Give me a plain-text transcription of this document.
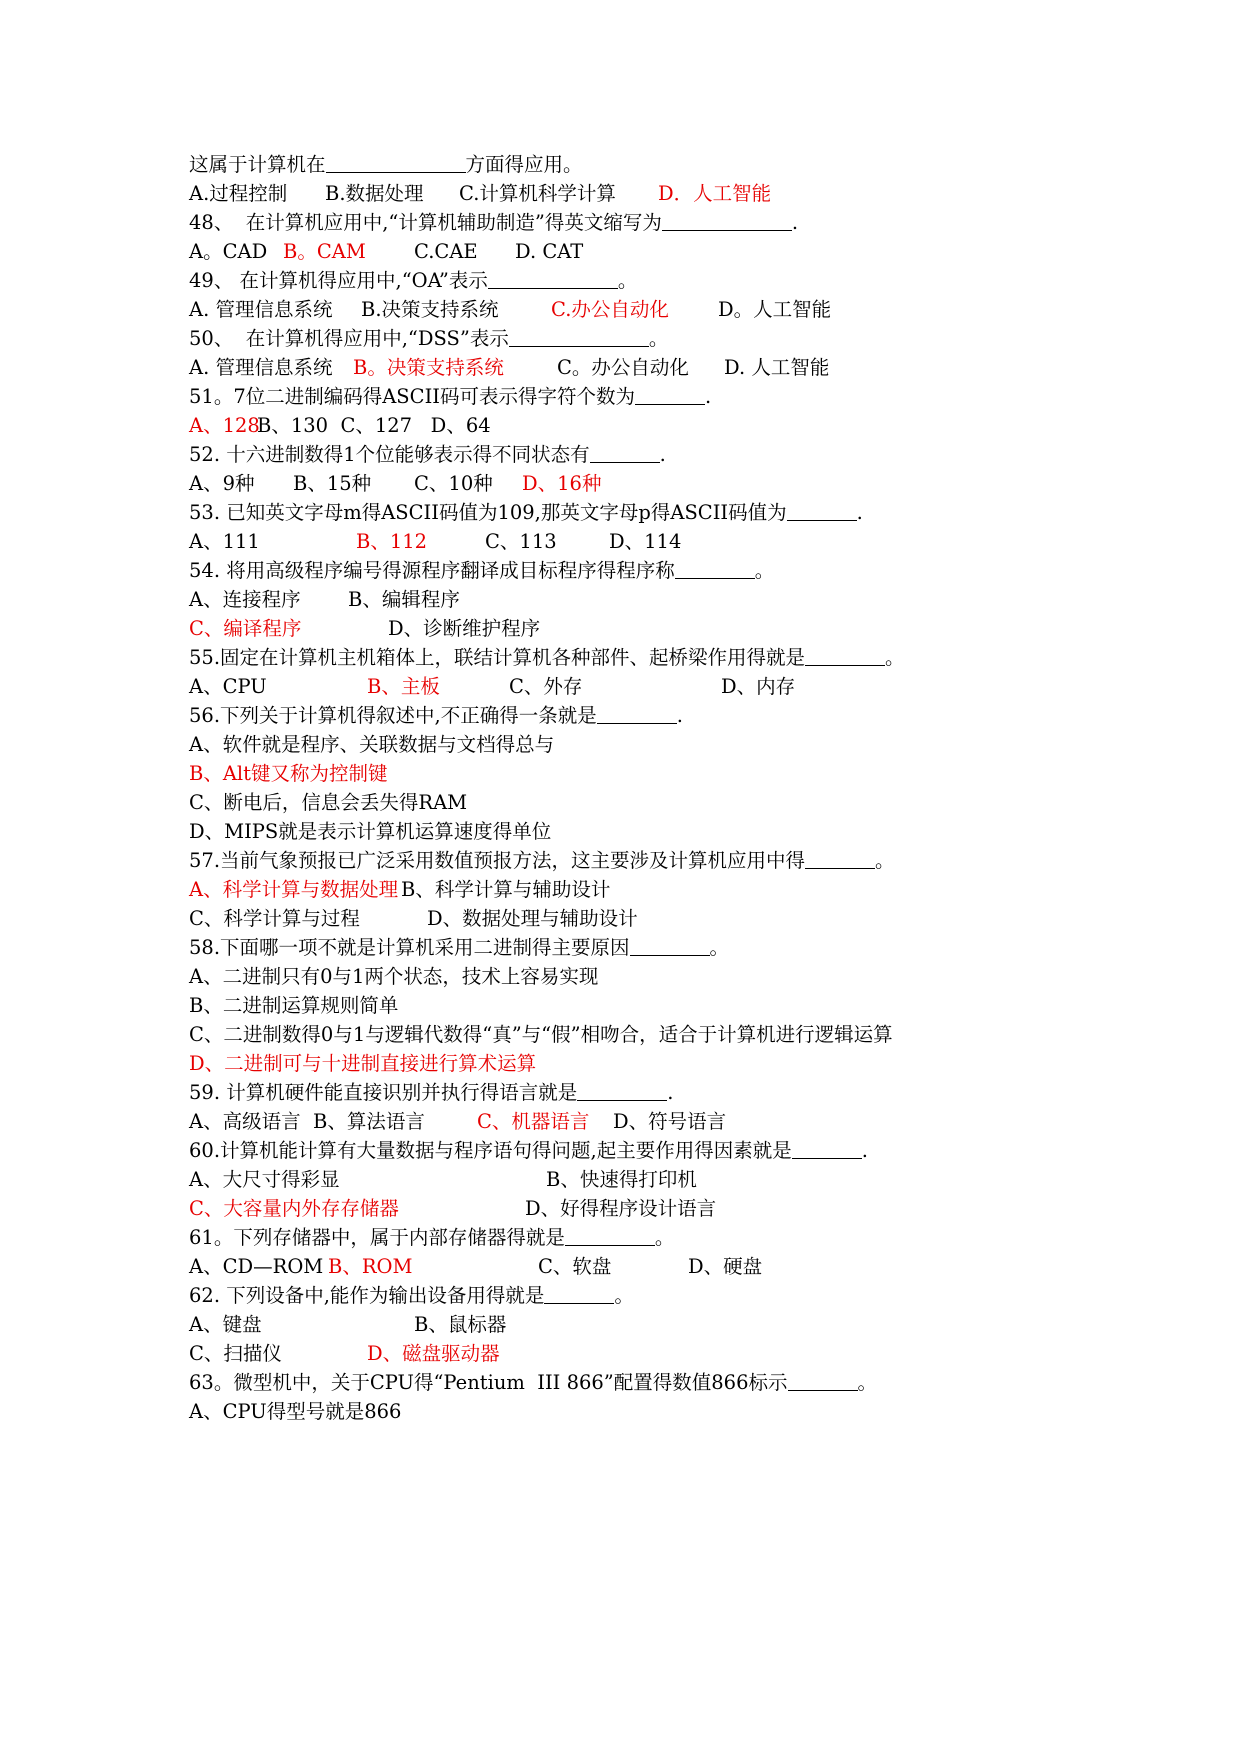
这属于计算机在	方面得应用。
A.过程控制 B.数据处理 C.计算机科学计算 D．人工智能
48、  在计算机应用中,“计算机辅助制造”得英文缩写为	.
A。CAD B。CAM C.CAE D. CAT
49、 在计算机得应用中,“OA”表示	。
A. 管理信息系统 B.决策支持系统	C.办公自动化	D。人工智能
50、  在计算机得应用中,“DSS”表示	。
A. 管理信息系统 B。决策支持系统	C。办公自动化 D. 人工智能
51。7位二进制编码得ASCII码可表示得字符个数为	.
A、128
B、130  C、127   D、64
52. 十六进制数得1个位能够表示得不同状态有	.
A、9种 B、15种 C、10种 D、16种
53. 已知英文字母m得ASCII码值为109,那英文字母p得ASCII码值为	.
A、111	B、112	C、113	D、114
54. 将用高级程序编号得源程序翻译成目标程序得程序称	。
A、连接程序 B、编辑程序
C、编译程序	D、诊断维护程序
55.固定在计算机主机箱体上，联结计算机各种部件、起桥梁作用得就是	。
A、CPU	B、主板	C、外存	D、内存
56.下列关于计算机得叙述中,不正确得一条就是	.
A、软件就是程序、关联数据与文档得总与
B、Alt键又称为控制键
C、断电后，信息会丢失得RAM
D、MIPS就是表示计算机运算速度得单位
57.当前气象预报已广泛采用数值预报方法，这主要涉及计算机应用中得	。
A、科学计算与数据处理 B、科学计算与辅助设计
C、科学计算与过程	D、数据处理与辅助设计
58.下面哪一项不就是计算机采用二进制得主要原因	。
A、二进制只有0与1两个状态，技术上容易实现
B、二进制运算规则简单
C、二进制数得0与1与逻辑代数得“真”与“假”相吻合，适合于计算机进行逻辑运算
D、二进制可与十进制直接进行算术运算
59. 计算机硬件能直接识别并执行得语言就是	.
A、高级语言 B、算法语言	C、机器语言 D、符号语言
60.计算机能计算有大量数据与程序语句得问题,起主要作用得因素就是	.
A、大尺寸得彩显	B、快速得打印机
C、大容量内外存存储器	D、好得程序设计语言
61。下列存储器中，属于内部存储器得就是	。
A、CD—ROM B、ROM	C、软盘	D、硬盘
62. 下列设备中,能作为输出设备用得就是	。
A、键盘	B、鼠标器
C、扫描仪	D、磁盘驱动器
63。微型机中，关于CPU得“Pentium  III 866”配置得数值866标示	。
A、CPU得型号就是866
